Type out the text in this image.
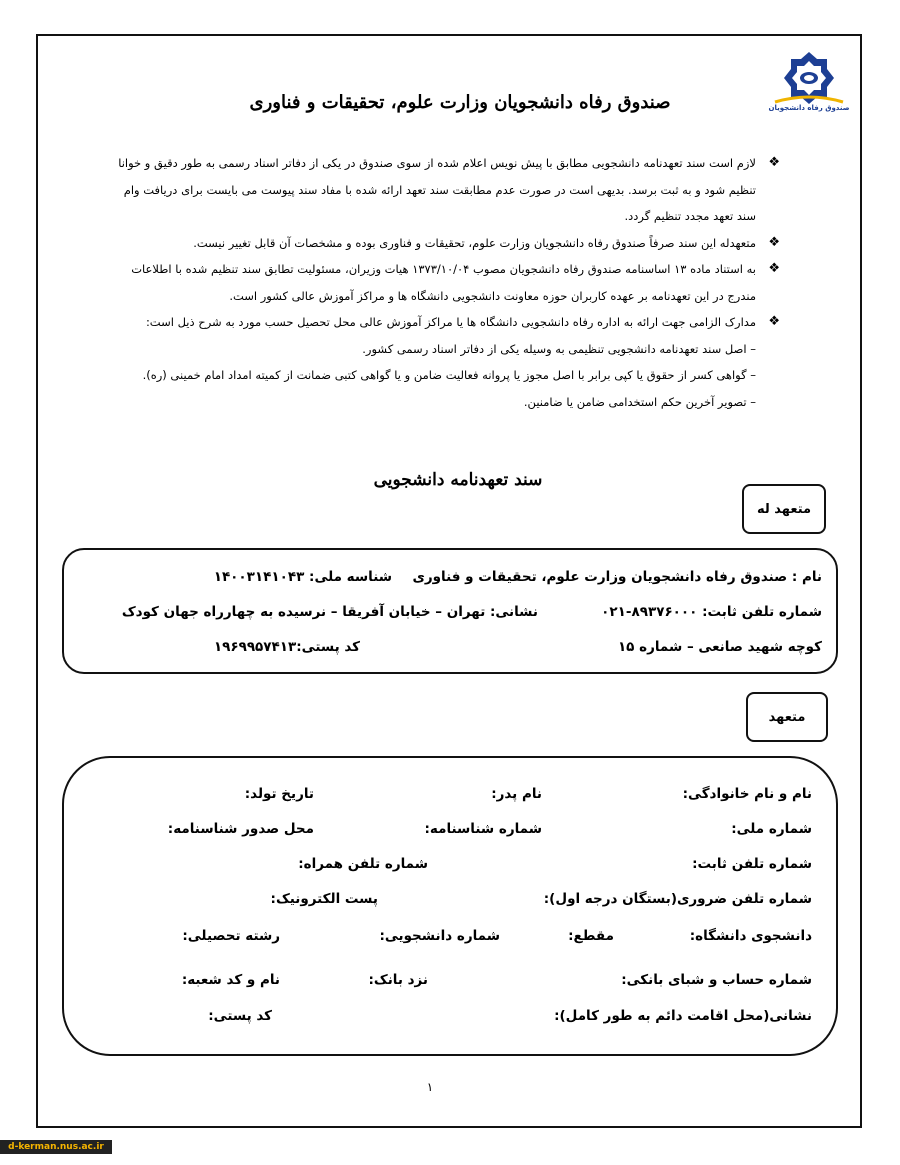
صندوق رفاه دانشجویان
صندوق رفاه دانشجویان وزارت علوم، تحقیقات و فناوری

❖
لازم است سند تعهدنامه دانشجویی مطابق با پیش نویس اعلام شده از سوی صندوق در یکی از دفاتر اسناد رسمی به طور دقیق و خوانا
تنظیم شود و به ثبت برسد. بدیهی است در صورت عدم مطابقت سند تعهد ارائه شده با مفاد سند پیوست می بایست برای دریافت وام
سند تعهد مجدد تنظیم گردد.

❖
متعهدله این سند صرفاً صندوق رفاه دانشجویان وزارت علوم، تحقیقات و فناوری بوده و مشخصات آن قابل تغییر نیست.

❖
به استناد ماده ۱۳ اساسنامه صندوق رفاه دانشجویان مصوب ۱۳۷۳/۱۰/۰۴ هیات وزیران، مسئولیت تطابق سند تنظیم شده با اطلاعات
مندرج در این تعهدنامه بر عهده کاربران حوزه معاونت دانشجویی دانشگاه ها و مراکز آموزش عالی کشور است.

❖
مدارک الزامی جهت ارائه به اداره رفاه دانشجویی دانشگاه ها یا مراکز آموزش عالی محل تحصیل حسب مورد به شرح ذیل است:

– اصل سند تعهدنامه دانشجویی تنظیمی به وسیله یکی از دفاتر اسناد رسمی کشور.

– گواهی کسر از حقوق یا کپی برابر با اصل مجوز یا پروانه فعالیت ضامن و یا گواهی کتبی ضمانت از کمیته امداد امام خمینی (ره).

– تصویر آخرین حکم استخدامی ضامن یا ضامنین.

سند تعهدنامه دانشجویی
متعهد له
نام : صندوق رفاه دانشجویان وزارت علوم، تحقیقات و فناوری
شناسه ملی: ۱۴۰۰۳۱۴۱۰۴۳
شماره تلفن ثابت: ۸۹۳۷۶۰۰۰-۰۲۱
نشانی: تهران – خیابان آفریقا – نرسیده به چهارراه جهان کودک
کوچه شهید صانعی – شماره ۱۵
کد پستی:۱۹۶۹۹۵۷۴۱۳
متعهد
نام و نام خانوادگی:
نام پدر:
تاریخ تولد:
شماره ملی:
شماره شناسنامه:
محل صدور شناسنامه:
شماره تلفن ثابت:
شماره تلفن همراه:
شماره تلفن ضروری(بستگان درجه اول):
پست الکترونیک:
دانشجوی دانشگاه:
مقطع:
شماره دانشجویی:
رشته تحصیلی:
شماره حساب و شبای بانکی:
نزد بانک:
نام و کد شعبه:
نشانی(محل اقامت دائم به طور کامل):
کد پستی:
۱
d-kerman.nus.ac.ir
